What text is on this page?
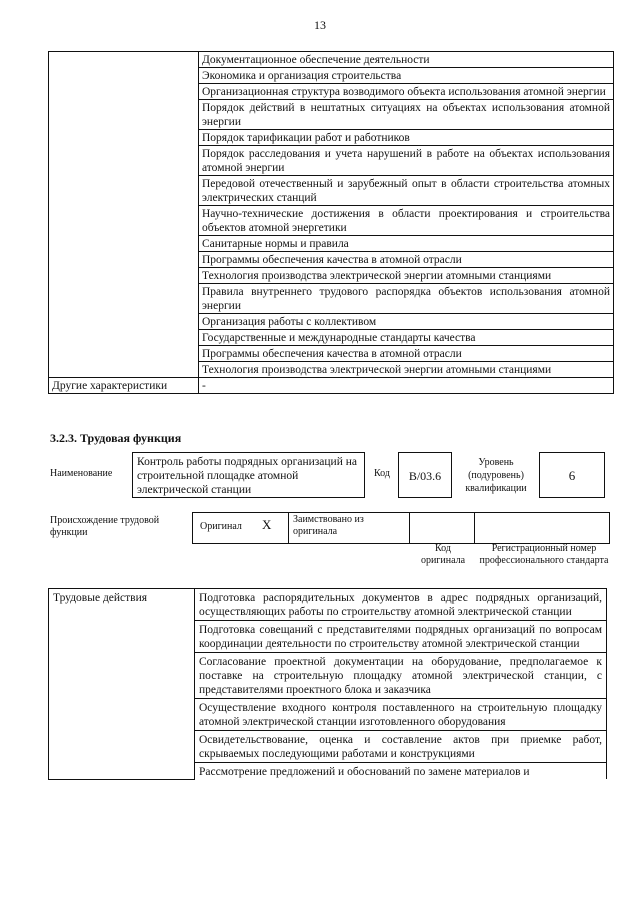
13
	Документационное обеспечение деятельности
	Экономика и организация строительства
	Организационная структура возводимого объекта использования атомной энергии
	Порядок действий в нештатных ситуациях на объектах использования атомной энергии
	Порядок тарификации работ и работников
	Порядок расследования и учета нарушений в работе на объектах использования атомной энергии
	Передовой отечественный и зарубежный опыт в области строительства атомных электрических станций
	Научно-технические достижения в области проектирования и строительства объектов атомной энергетики
	Санитарные нормы и правила
	Программы обеспечения качества в атомной отрасли
	Технология производства электрической энергии атомными станциями
	Правила внутреннего трудового распорядка объектов использования атомной энергии
	Организация работы с коллективом
	Государственные и международные стандарты качества
	Программы обеспечения качества в атомной отрасли
	Технология производства электрической энергии атомными станциями
Другие характеристики	-
3.2.3. Трудовая функция
Наименование
Контроль работы подрядных организаций на строительной площадке атомной электрической станции
Код	B/03.6
Уровень (подуровень) квалификации
6
Происхождение трудовой функции
Оригинал X Заимствовано из оригинала
Код оригинала
Регистрационный номер профессионального стандарта
Трудовые действия	Подготовка распорядительных документов в адрес подрядных организаций, осуществляющих работы по строительству атомной электрической станции
Подготовка совещаний с представителями подрядных организаций по вопросам координации деятельности по строительству атомной электрической станции
Согласование проектной документации на оборудование, предполагаемое к поставке на строительную площадку атомной электрической станции, с представителями проектного блока и заказчика
Осуществление входного контроля поставленного на строительную площадку атомной электрической станции изготовленного оборудования
Освидетельствование, оценка и составление актов при приемке работ, скрываемых последующими работами и конструкциями
Рассмотрение предложений и обоснований по замене материалов и
